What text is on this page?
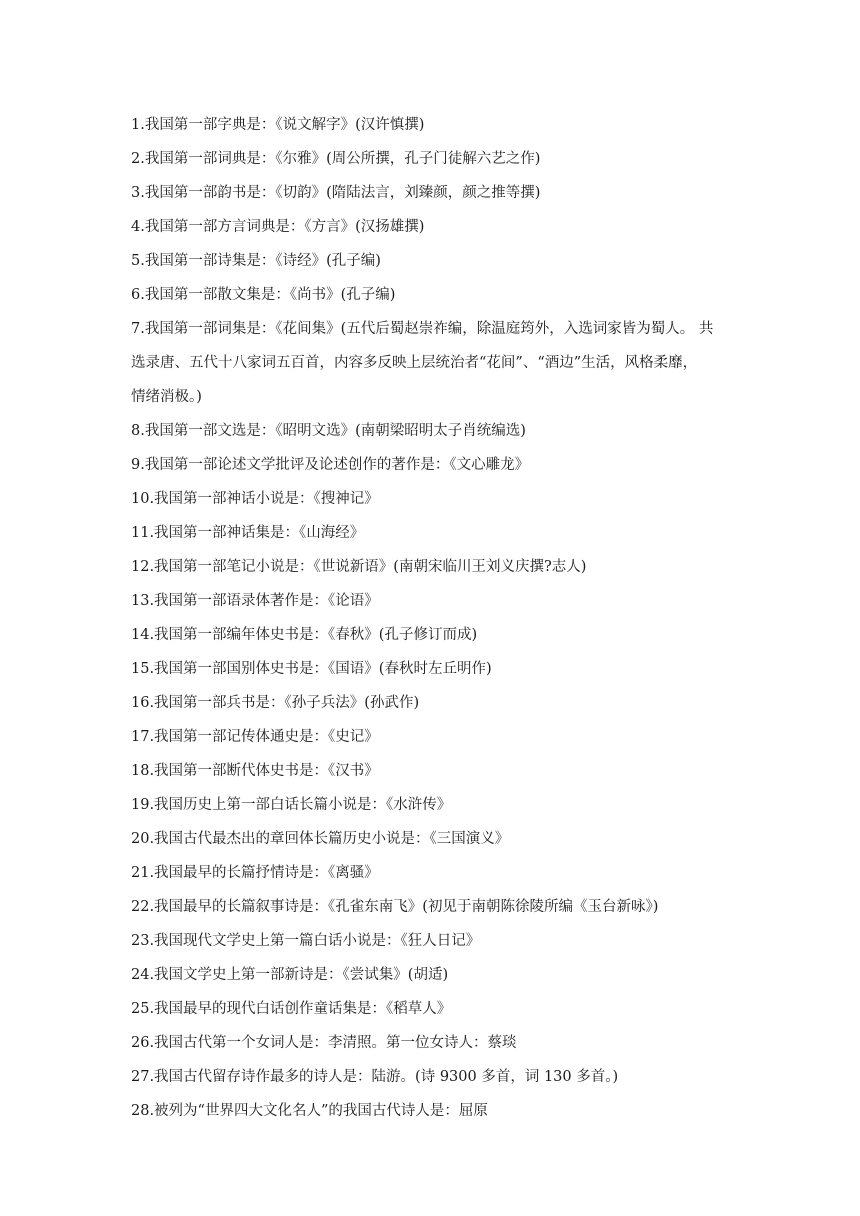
1.我国第一部字典是：《说文解字》(汉许慎撰)
2.我国第一部词典是：《尔雅》(周公所撰，孔子门徒解六艺之作)
3.我国第一部韵书是：《切韵》(隋陆法言，刘臻颜，颜之推等撰)
4.我国第一部方言词典是：《方言》(汉扬雄撰)
5.我国第一部诗集是：《诗经》(孔子编)
6.我国第一部散文集是：《尚书》(孔子编)
7.我国第一部词集是：《花间集》(五代后蜀赵崇祚编，除温庭筠外，入选词家皆为蜀人。 共
选录唐、五代十八家词五百首，内容多反映上层统治者“花间”、“酒边”生活，风格柔靡，
情绪消极。)
8.我国第一部文选是：《昭明文选》(南朝梁昭明太子肖统编选)
9.我国第一部论述文学批评及论述创作的著作是：《文心雕龙》
10.我国第一部神话小说是：《搜神记》
11.我国第一部神话集是：《山海经》
12.我国第一部笔记小说是：《世说新语》(南朝宋临川王刘义庆撰?志人)
13.我国第一部语录体著作是：《论语》
14.我国第一部编年体史书是：《春秋》(孔子修订而成)
15.我国第一部国别体史书是：《国语》(春秋时左丘明作)
16.我国第一部兵书是：《孙子兵法》(孙武作)
17.我国第一部记传体通史是：《史记》
18.我国第一部断代体史书是：《汉书》
19.我国历史上第一部白话长篇小说是：《水浒传》
20.我国古代最杰出的章回体长篇历史小说是：《三国演义》
21.我国最早的长篇抒情诗是：《离骚》
22.我国最早的长篇叙事诗是：《孔雀东南飞》(初见于南朝陈徐陵所编《玉台新咏》)
23.我国现代文学史上第一篇白话小说是：《狂人日记》
24.我国文学史上第一部新诗是：《尝试集》(胡适)
25.我国最早的现代白话创作童话集是：《稻草人》
26.我国古代第一个女词人是：李清照。第一位女诗人：蔡琰
27.我国古代留存诗作最多的诗人是：陆游。(诗 9300 多首，词 130 多首。)
28.被列为“世界四大文化名人”的我国古代诗人是：屈原
